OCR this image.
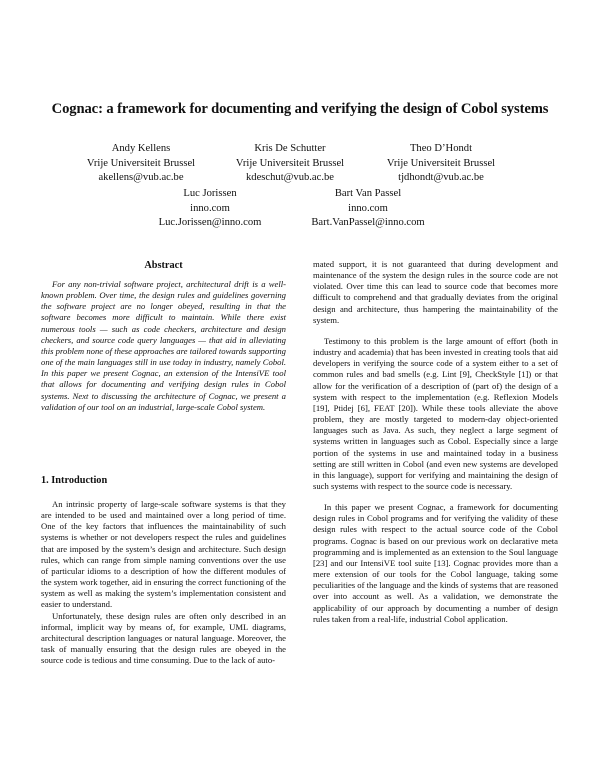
Cognac: a framework for documenting and verifying the design of Cobol systems
Andy Kellens
Vrije Universiteit Brussel
akellens@vub.ac.be
Kris De Schutter
Vrije Universiteit Brussel
kdeschut@vub.ac.be
Theo D’Hondt
Vrije Universiteit Brussel
tjdhondt@vub.ac.be
Luc Jorissen
inno.com
Luc.Jorissen@inno.com
Bart Van Passel
inno.com
Bart.VanPassel@inno.com
Abstract
For any non-trivial software project, architectural drift is a well-known problem. Over time, the design rules and guidelines governing the software project are no longer obeyed, resulting in that the software becomes more difficult to maintain. While there exist numerous tools — such as code checkers, architecture and design checkers, and source code query languages — that aid in alleviating this problem none of these approaches are tailored towards supporting one of the main languages still in use today in industry, namely Cobol. In this paper we present Cognac, an extension of the IntensiVE tool that allows for documenting and verifying design rules in Cobol systems. Next to discussing the architecture of Cognac, we present a validation of our tool on an industrial, large-scale Cobol system.
1. Introduction

An intrinsic property of large-scale software systems is that they are intended to be used and maintained over a long period of time. One of the key factors that influences the maintainability of such systems is whether or not developers respect the rules and guidelines that are imposed by the system’s design and architecture. Such design rules, which can range from simple naming conventions over the use of particular idioms to a description of how the different modules of the system work together, aid in ensuring the correct functioning of the system as well as making the system’s implementation consistent and easier to understand.

Unfortunately, these design rules are often only described in an informal, implicit way by means of, for example, UML diagrams, architectural description languages or natural language. Moreover, the task of manually ensuring that the design rules are obeyed in the source code is tedious and time consuming. Due to the lack of auto-

mated support, it is not guaranteed that during development and maintenance of the system the design rules in the source code are not violated. Over time this can lead to source code that becomes more difficult to comprehend and that gradually deviates from the original design and architecture, thus hampering the maintainability of the system.

Testimony to this problem is the large amount of effort (both in industry and academia) that has been invested in creating tools that aid developers in verifying the source code of a system either to a set of common rules and bad smells (e.g. Lint [9], CheckStyle [1]) or that allow for the verification of a description of (part of) the design of a system with respect to the implementation (e.g. Reflexion Models [19], Ptidej [6], FEAT [20]). While these tools alleviate the above problem, they are mostly targeted to modern-day object-oriented languages such as Java. As such, they neglect a large segment of systems written in languages such as Cobol. Especially since a large portion of the systems in use and maintained today in a business setting are still written in Cobol (and even new systems are developed in this language), support for verifying and maintaining the design of such systems with respect to the source code is necessary.

In this paper we present Cognac, a framework for documenting design rules in Cobol programs and for verifying the validity of these design rules with respect to the actual source code of the Cobol programs. Cognac is based on our previous work on declarative meta programming and is implemented as an extension to the Soul language [23] and our IntensiVE tool suite [13]. Cognac provides more than a mere extension of our tools for the Cobol language, taking some peculiarities of the language and the kinds of systems that are reasoned over into account as well. As a validation, we demonstrate the applicability of our approach by documenting a number of design rules taken from a real-life, industrial Cobol application.
